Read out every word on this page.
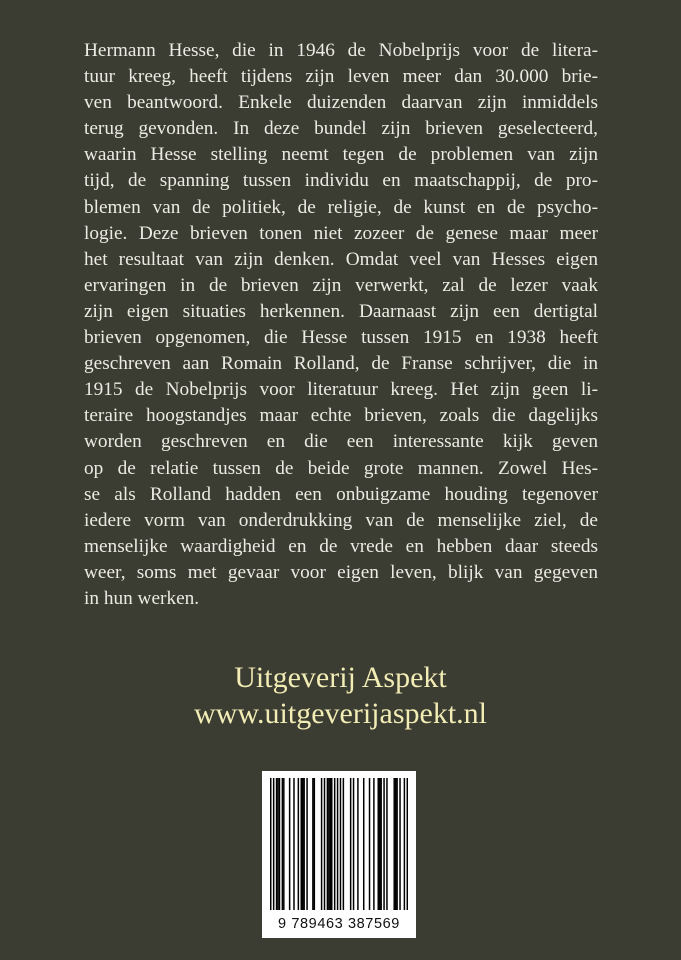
Hermann Hesse, die in 1946 de Nobelprijs voor de litera-
tuur kreeg, heeft tijdens zijn leven meer dan 30.000 brie-
ven beantwoord. Enkele duizenden daarvan zijn inmiddels
terug gevonden. In deze bundel zijn brieven geselecteerd,
waarin Hesse stelling neemt tegen de problemen van zijn
tijd, de spanning tussen individu en maatschappij, de pro-
blemen van de politiek, de religie, de kunst en de psycho-
logie. Deze brieven tonen niet zozeer de genese maar meer
het resultaat van zijn denken. Omdat veel van Hesses eigen
ervaringen in de brieven zijn verwerkt, zal de lezer vaak
zijn eigen situaties herkennen. Daarnaast zijn een dertigtal
brieven opgenomen, die Hesse tussen 1915 en 1938 heeft
geschreven aan Romain Rolland, de Franse schrijver, die in
1915 de Nobelprijs voor literatuur kreeg. Het zijn geen li-
teraire hoogstandjes maar echte brieven, zoals die dagelijks
worden geschreven en die een interessante kijk geven
op de relatie tussen de beide grote mannen. Zowel Hes-
se als Rolland hadden een onbuigzame houding tegenover
iedere vorm van onderdrukking van de menselijke ziel, de
menselijke waardigheid en de vrede en hebben daar steeds
weer, soms met gevaar voor eigen leven, blijk van gegeven
in hun werken.
Uitgeverij Aspekt
www.uitgeverijaspekt.nl
9 789463 387569
